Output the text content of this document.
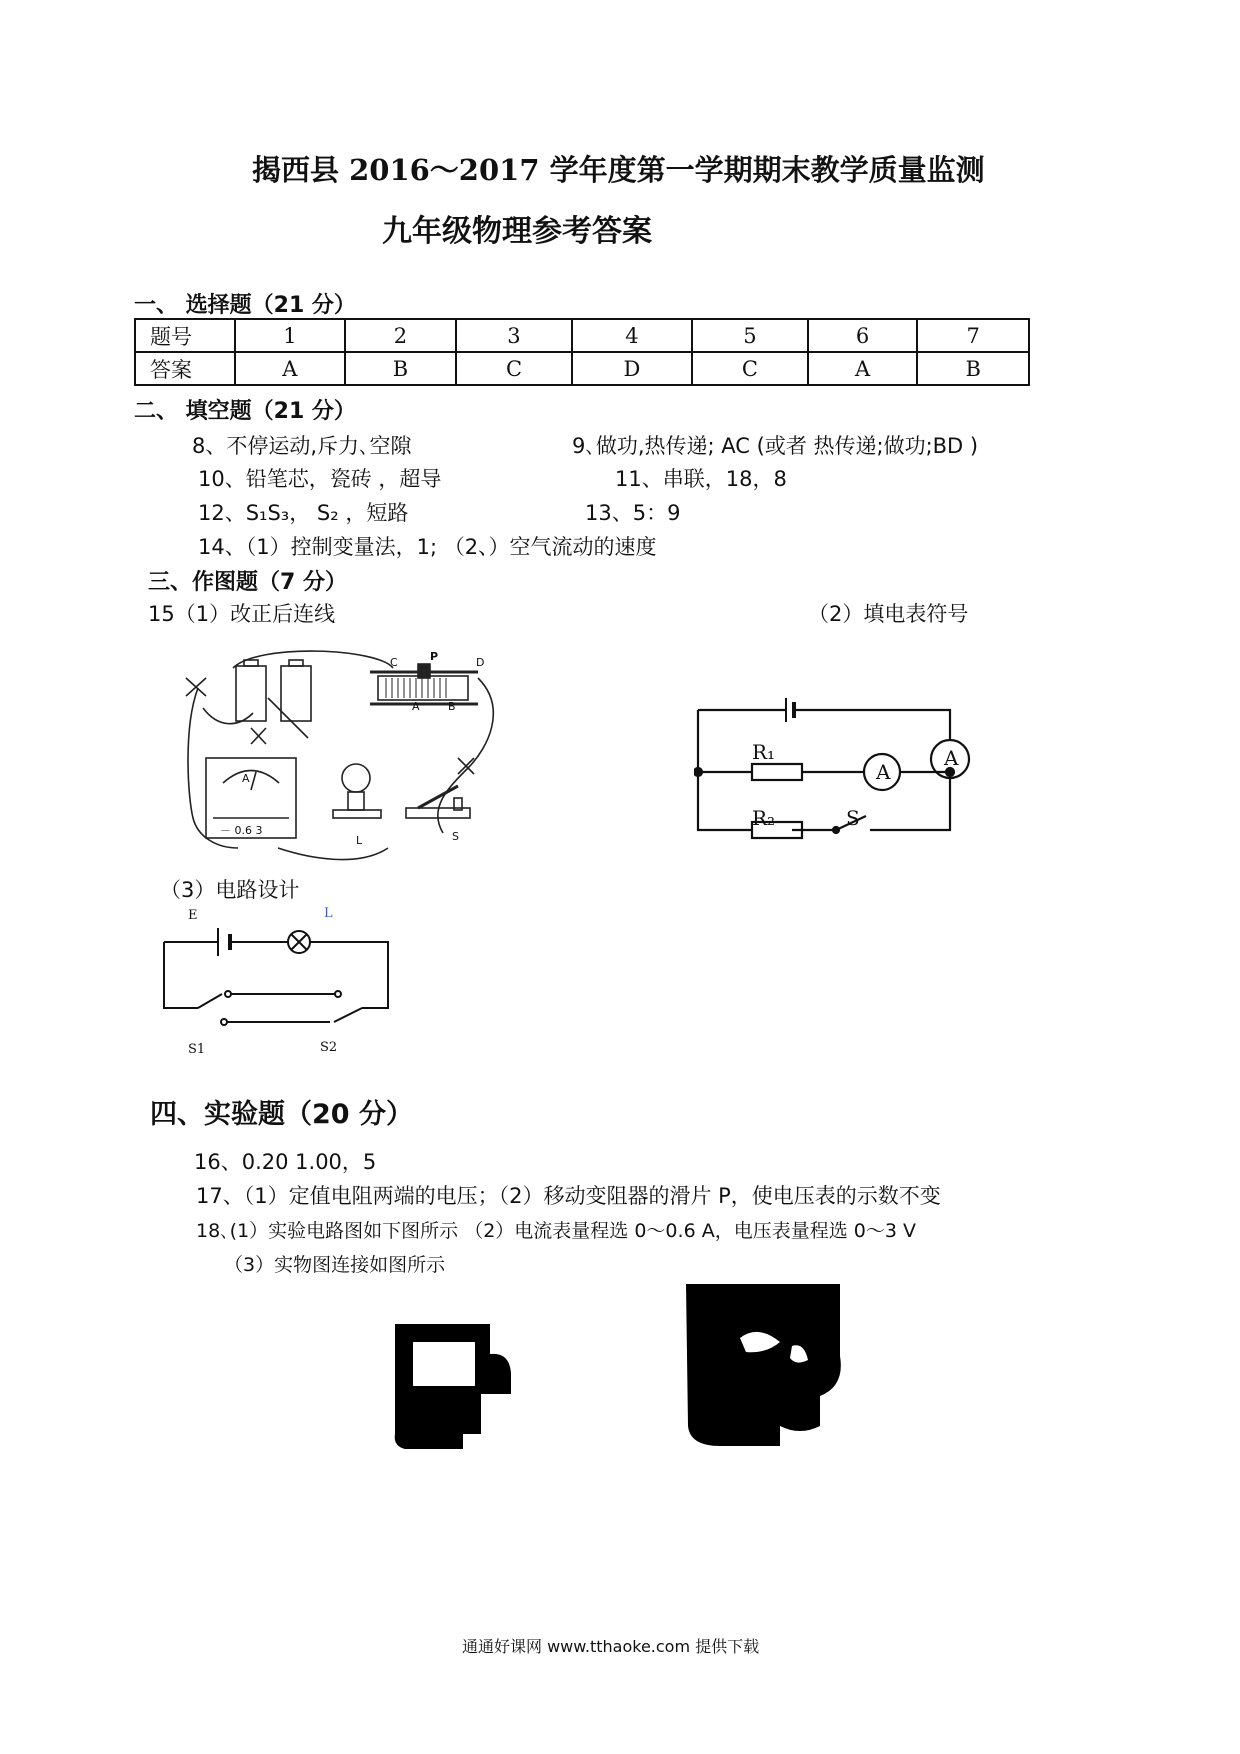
揭西县 2016～2017 学年度第一学期期末教学质量监测
九年级物理参考答案
一、 选择题（21 分）
题号	1	2	3	4	5	6	7
答案	A	B	C	D	C	A	B
二、 填空题（21 分）
8、不停运动,斥力､空隙	9､做功,热传递; AC (或者 热传递;做功;BD )
10、铅笔芯，瓷砖 ，超导	11、串联，18，8
12、S₁S₃， S₂ ，短路	13、5：9
14、（1）控制变量法，1; （2、）空气流动的速度
三、作图题（7 分）
15（1）改正后连线	（2）填电表符号
C	P	D
A	B
A
－ 0.6 3
L	S
R₁
R₂	S
A
A
（3）电路设计
E	L
S1	S2
四、实验题（20 分）
16、0.20 1.00，5
17、（1）定值电阻两端的电压；（2）移动变阻器的滑片 P，使电压表的示数不变
18､(1）实验电路图如下图所示 （2）电流表量程选 0～0.6 A，电压表量程选 0～3 V
（3）实物图连接如图所示
通通好课网 www.tthaoke.com 提供下载
